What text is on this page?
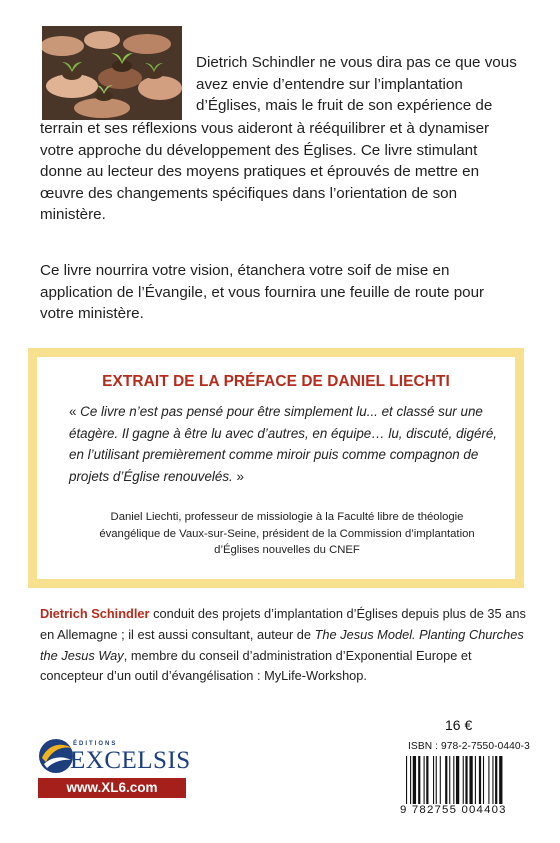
Dietrich Schindler ne vous dira pas ce que vous avez envie d’entendre sur l’implantation d’Églises, mais le fruit de son expérience de

terrain et ses réflexions vous aideront à rééquilibrer et à dynamiser votre approche du développement des Églises. Ce livre stimulant donne au lecteur des moyens pratiques et éprouvés de mettre en œuvre des changements spécifiques dans l’orientation de son ministère.

Ce livre nourrira votre vision, étanchera votre soif de mise en application de l’Évangile, et vous fournira une feuille de route pour votre ministère.

EXTRAIT DE LA PRÉFACE DE DANIEL LIECHTI

« Ce livre n’est pas pensé pour être simplement lu... et classé sur une étagère. Il gagne à être lu avec d’autres, en équipe… lu, discuté, digéré, en l’utilisant premièrement comme miroir puis comme compagnon de projets d’Église renouvelés. »

Daniel Liechti, professeur de missiologie à la Faculté libre de théologie évangélique de Vaux-sur-Seine, président de la Commission d’implantation d’Églises nouvelles du CNEF

Dietrich Schindler conduit des projets d’implantation d’Églises depuis plus de 35 ans en Allemagne ; il est aussi consultant, auteur de The Jesus Model. Planting Churches the Jesus Way, membre du conseil d’administration d’Exponential Europe et concepteur d’un outil d’évangélisation : MyLife-Workshop.

ÉDITIONS
EXCELSIS
www.XL6.com
16 €
ISBN : 978-2-7550-0440-3
9 782755 004403
